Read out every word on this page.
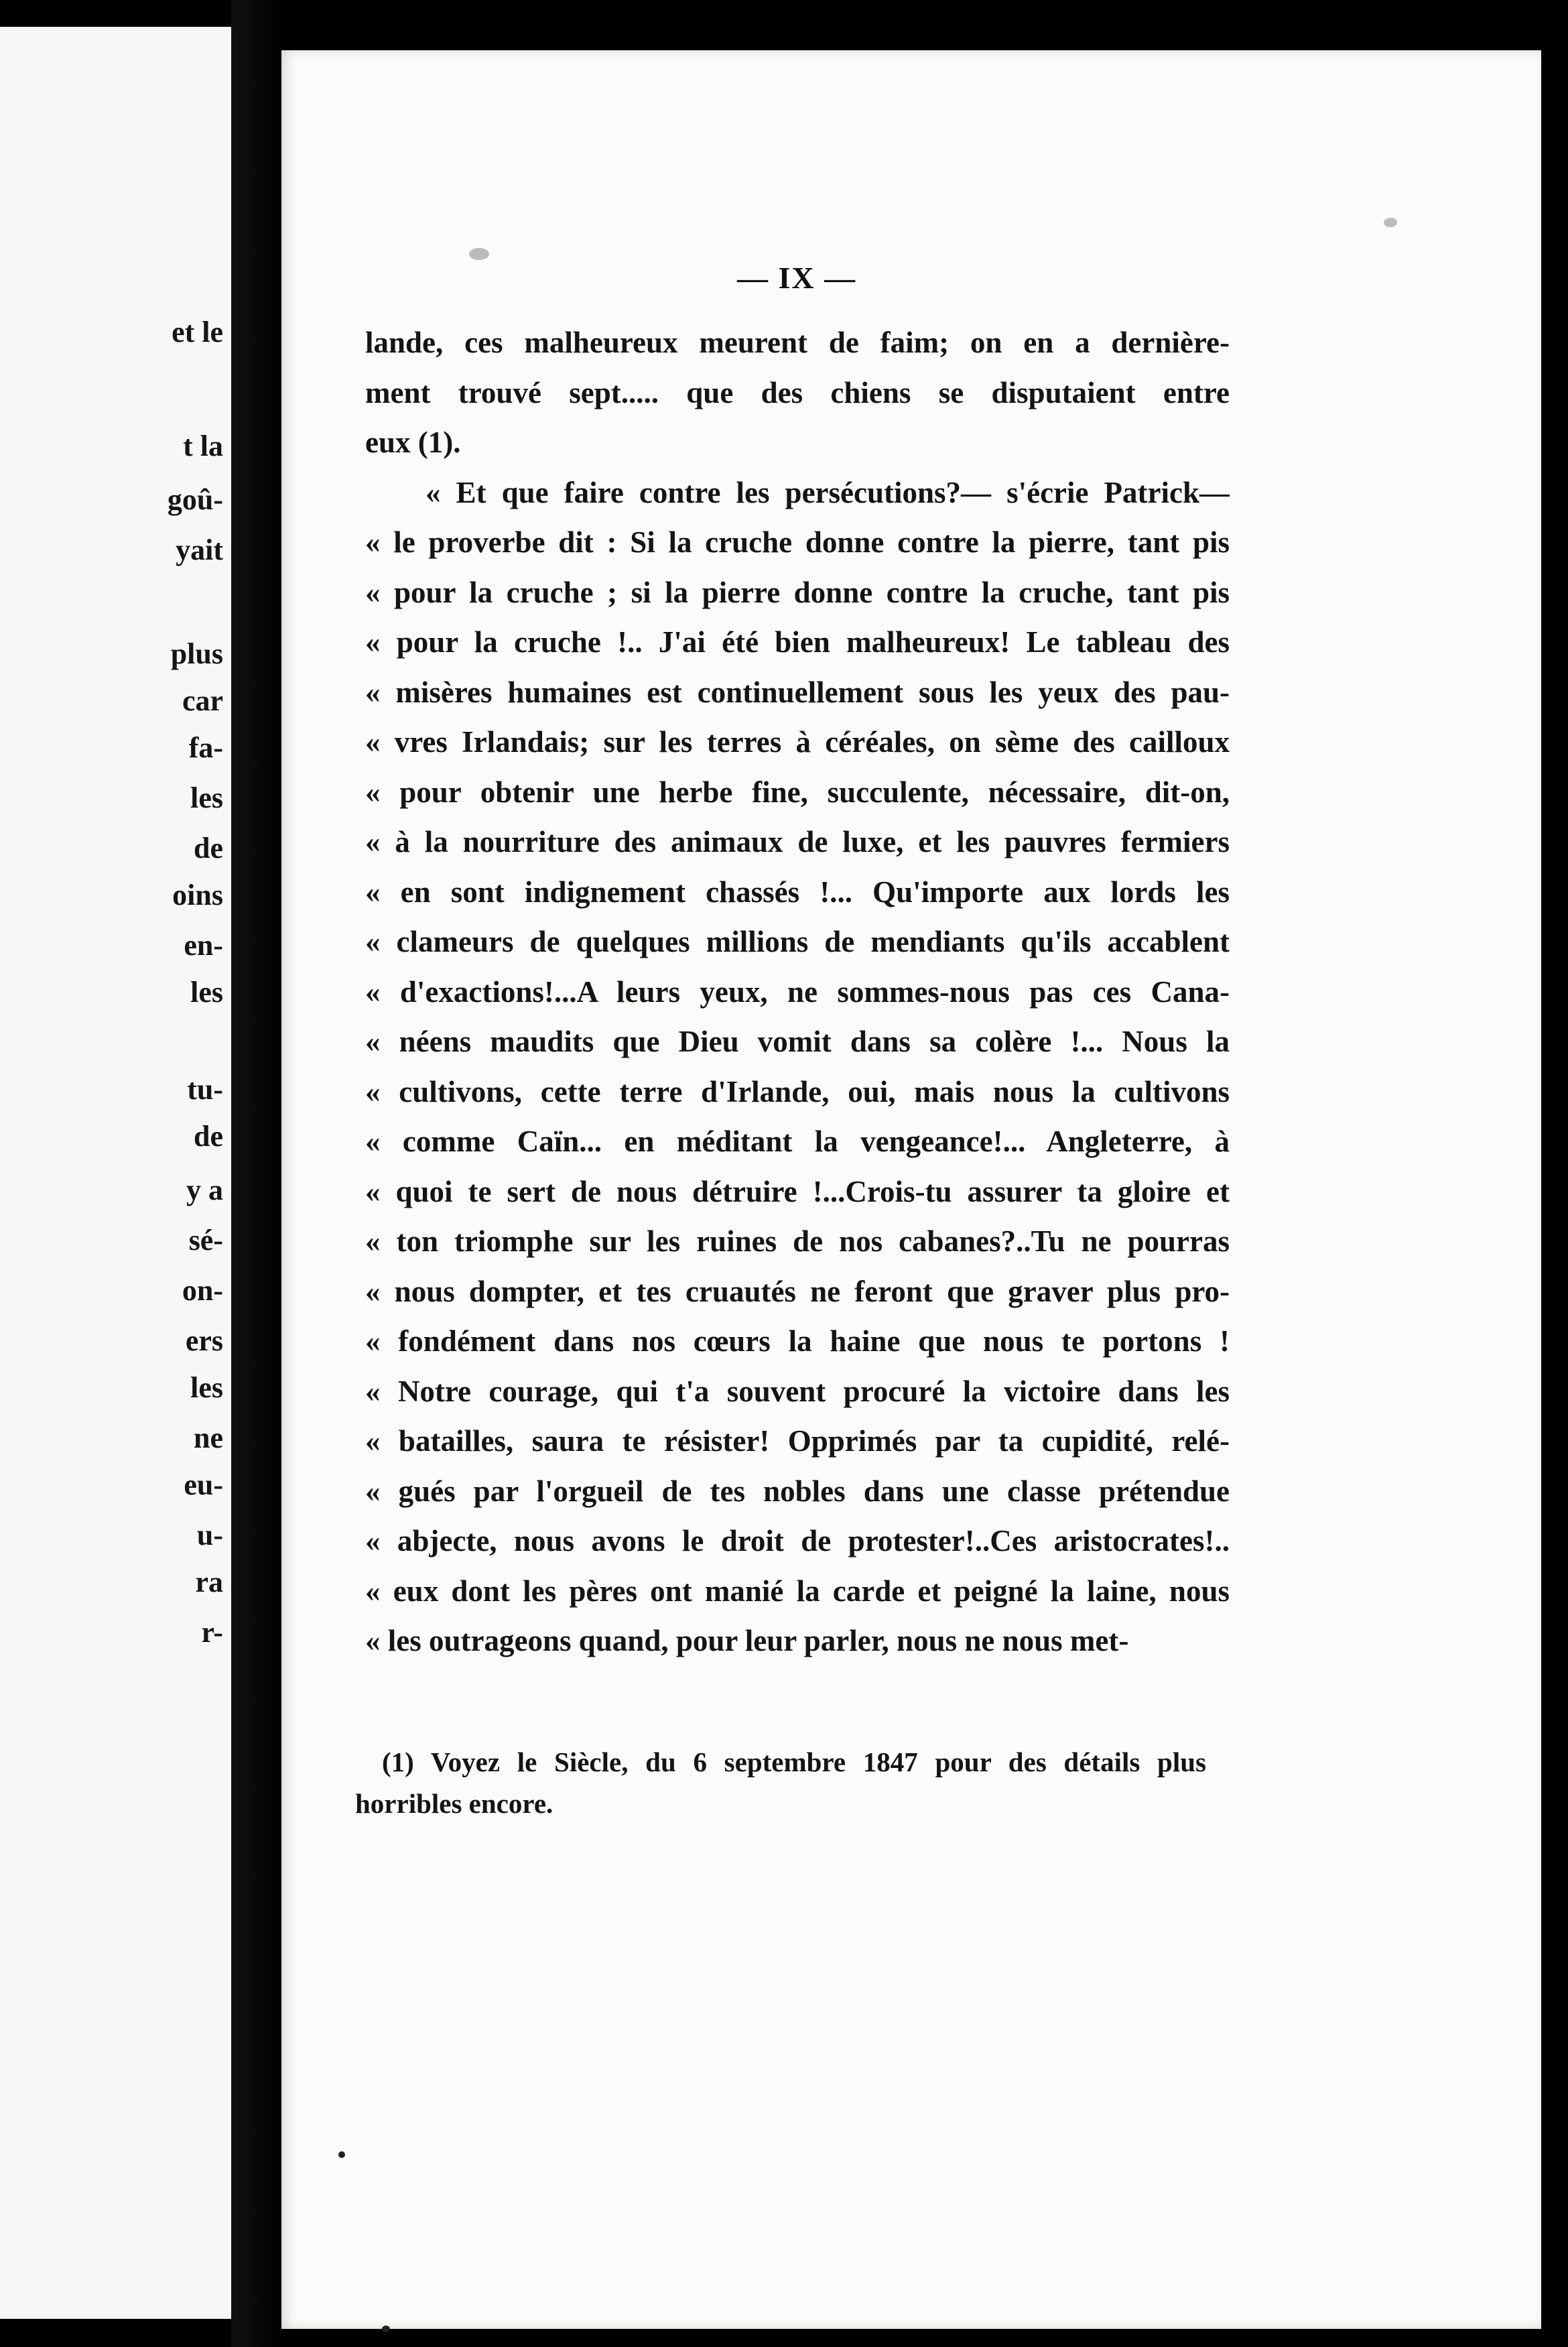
et le
t la
goû-
yait
plus
car
fa-
les
de
oins
en-
les
tu-
de
y a
sé-
on-
ers
les
ne
eu-
u-
ra
r-
— IX —
lande, ces malheureux meurent de faim; on en a dernière-
ment trouvé sept..... que des chiens se disputaient entre
eux (1).
« Et que faire contre les persécutions?— s'écrie Patrick—
« le proverbe dit : Si la cruche donne contre la pierre, tant pis
« pour la cruche ; si la pierre donne contre la cruche, tant pis
« pour la cruche !.. J'ai été bien malheureux! Le tableau des
« misères humaines est continuellement sous les yeux des pau-
« vres Irlandais; sur les terres à céréales, on sème des cailloux
« pour obtenir une herbe fine, succulente, nécessaire, dit-on,
« à la nourriture des animaux de luxe, et les pauvres fermiers
« en sont indignement chassés !... Qu'importe aux lords les
« clameurs de quelques millions de mendiants qu'ils accablent
« d'exactions!...A leurs yeux, ne sommes-nous pas ces Cana-
« néens maudits que Dieu vomit dans sa colère !... Nous la
« cultivons, cette terre d'Irlande, oui, mais nous la cultivons
« comme Caïn... en méditant la vengeance!... Angleterre, à
« quoi te sert de nous détruire !...Crois-tu assurer ta gloire et
« ton triomphe sur les ruines de nos cabanes?..Tu ne pourras
« nous dompter, et tes cruautés ne feront que graver plus pro-
« fondément dans nos cœurs la haine que nous te portons !
« Notre courage, qui t'a souvent procuré la victoire dans les
« batailles, saura te résister! Opprimés par ta cupidité, relé-
« gués par l'orgueil de tes nobles dans une classe prétendue
« abjecte, nous avons le droit de protester!..Ces aristocrates!..
« eux dont les pères ont manié la carde et peigné la laine, nous
« les outrageons quand, pour leur parler, nous ne nous met-
(1) Voyez le Siècle, du 6 septembre 1847 pour des détails plus
horribles encore.
